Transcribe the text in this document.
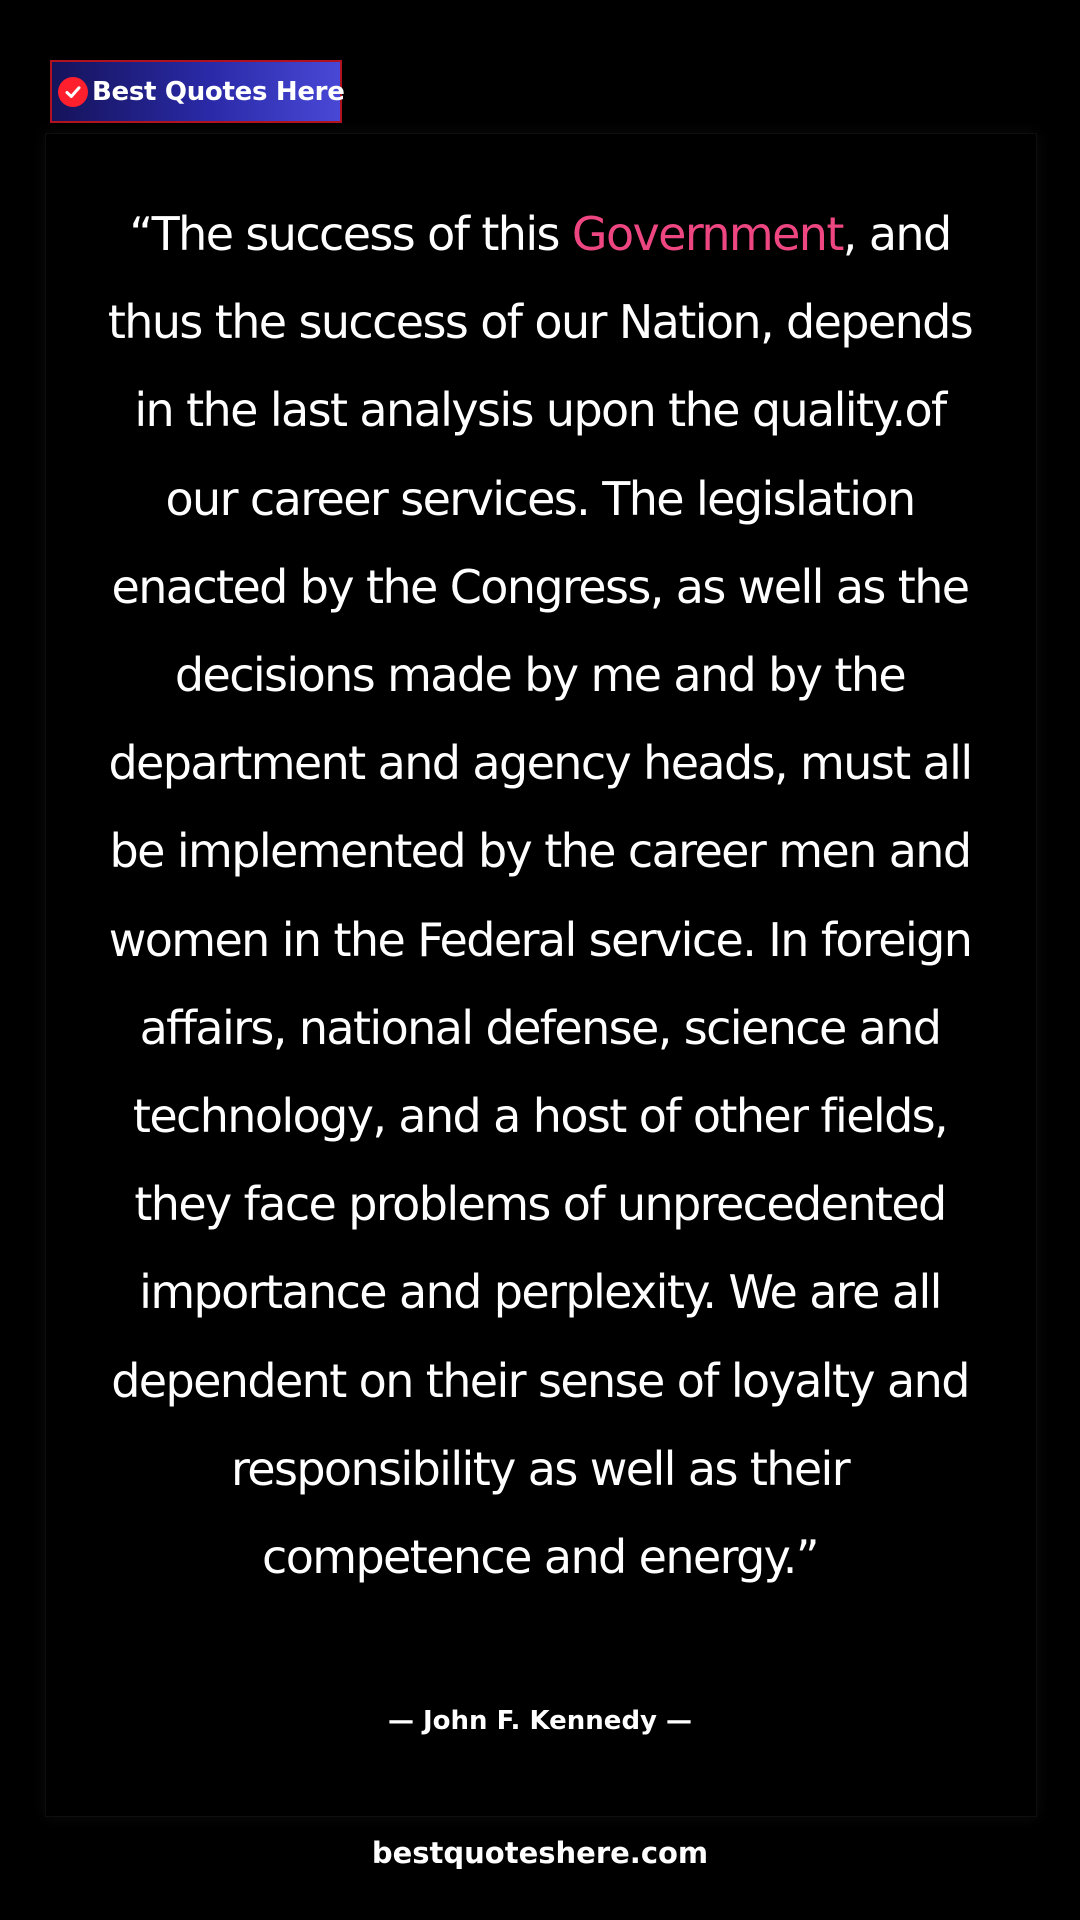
Best Quotes Here

“The success of this Government, and thus the success of our Nation, depends in the last analysis upon the quality.of our career services. The legislation enacted by the Congress, as well as the decisions made by me and by the department and agency heads, must all be implemented by the career men and women in the Federal service. In foreign affairs, national defense, science and technology, and a host of other fields, they face problems of unprecedented importance and perplexity. We are all dependent on their sense of loyalty and responsibility as well as their competence and energy.”

— John F. Kennedy —
bestquoteshere.com
